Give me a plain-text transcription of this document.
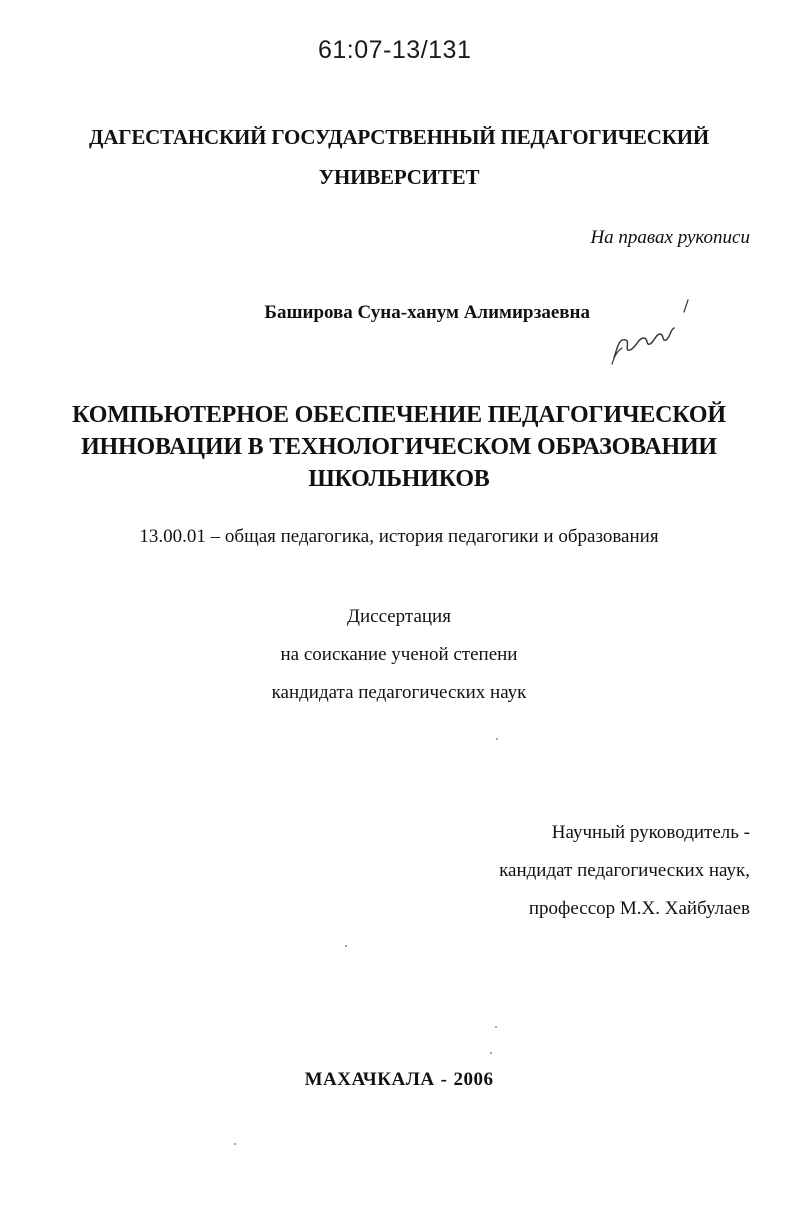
61:07-13/131
ДАГЕСТАНСКИЙ ГОСУДАРСТВЕННЫЙ ПЕДАГОГИЧЕСКИЙ
УНИВЕРСИТЕТ
На правах рукописи
Баширова Суна-ханум Алимирзаевна
КОМПЬЮТЕРНОЕ ОБЕСПЕЧЕНИЕ ПЕДАГОГИЧЕСКОЙ
ИННОВАЦИИ В ТЕХНОЛОГИЧЕСКОМ ОБРАЗОВАНИИ
ШКОЛЬНИКОВ
13.00.01 – общая педагогика, история педагогики и образования
Диссертация
на соискание ученой степени
кандидата педагогических наук
Научный руководитель -
кандидат педагогических наук,
профессор М.Х. Хайбулаев
МАХАЧКАЛА - 2006
